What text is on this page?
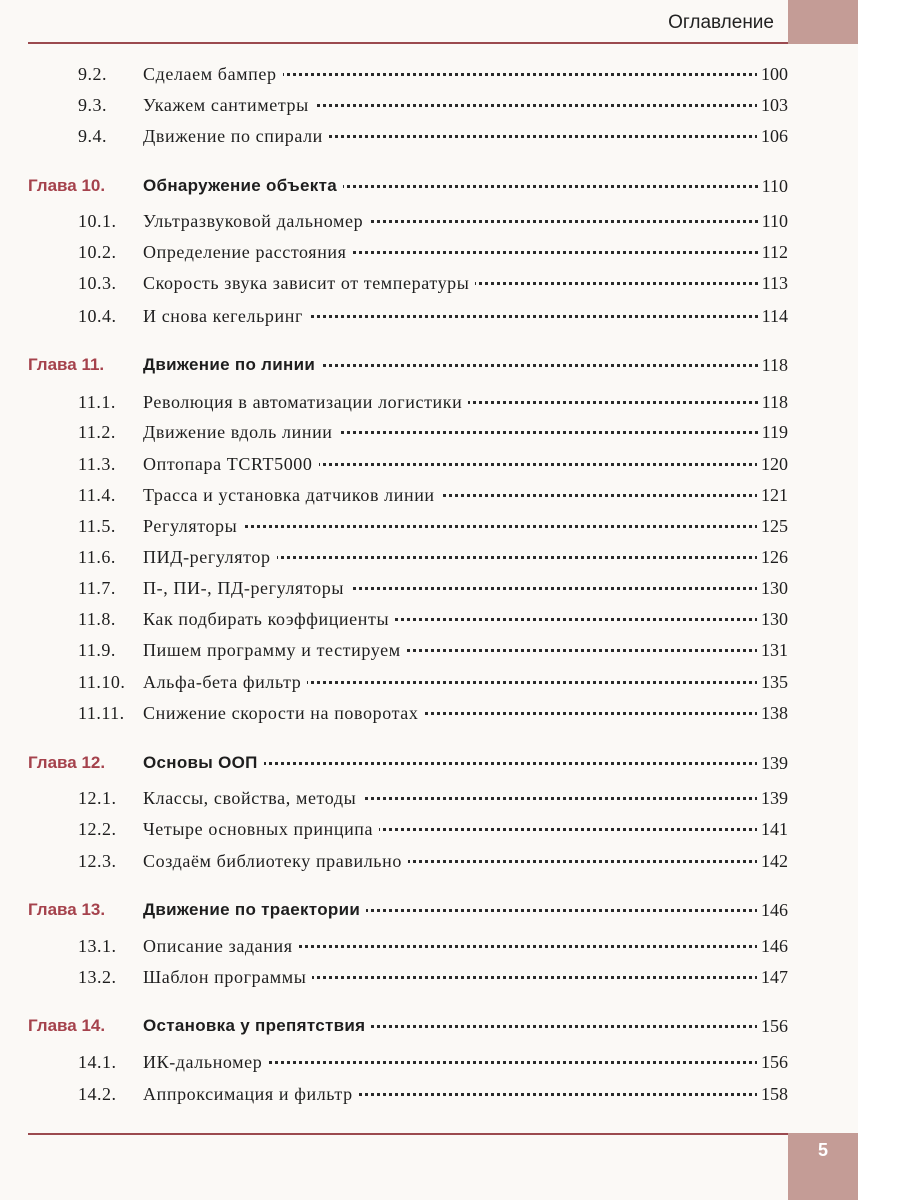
Оглавление
9.2. Сделаем бампер	100
9.3. Укажем сантиметры	103
9.4. Движение по спирали	106
Глава 10. Обнаружение объекта	110
10.1. Ультразвуковой дальномер	110
10.2. Определение расстояния	112
10.3. Скорость звука зависит от температуры	113
10.4. И снова кегельринг	114
Глава 11. Движение по линии	118
11.1. Революция в автоматизации логистики	118
11.2. Движение вдоль линии	119
11.3. Оптопара TCRT5000	120
11.4. Трасса и установка датчиков линии	121
11.5. Регуляторы	125
11.6. ПИД-регулятор	126
11.7. П-, ПИ-, ПД-регуляторы	130
11.8. Как подбирать коэффициенты	130
11.9. Пишем программу и тестируем	131
11.10. Альфа-бета фильтр	135
11.11. Снижение скорости на поворотах	138
Глава 12. Основы ООП	139
12.1. Классы, свойства, методы	139
12.2. Четыре основных принципа	141
12.3. Создаём библиотеку правильно	142
Глава 13. Движение по траектории	146
13.1. Описание задания	146
13.2. Шаблон программы	147
Глава 14. Остановка у препятствия	156
14.1. ИК-дальномер	156
14.2. Аппроксимация и фильтр	158
5
